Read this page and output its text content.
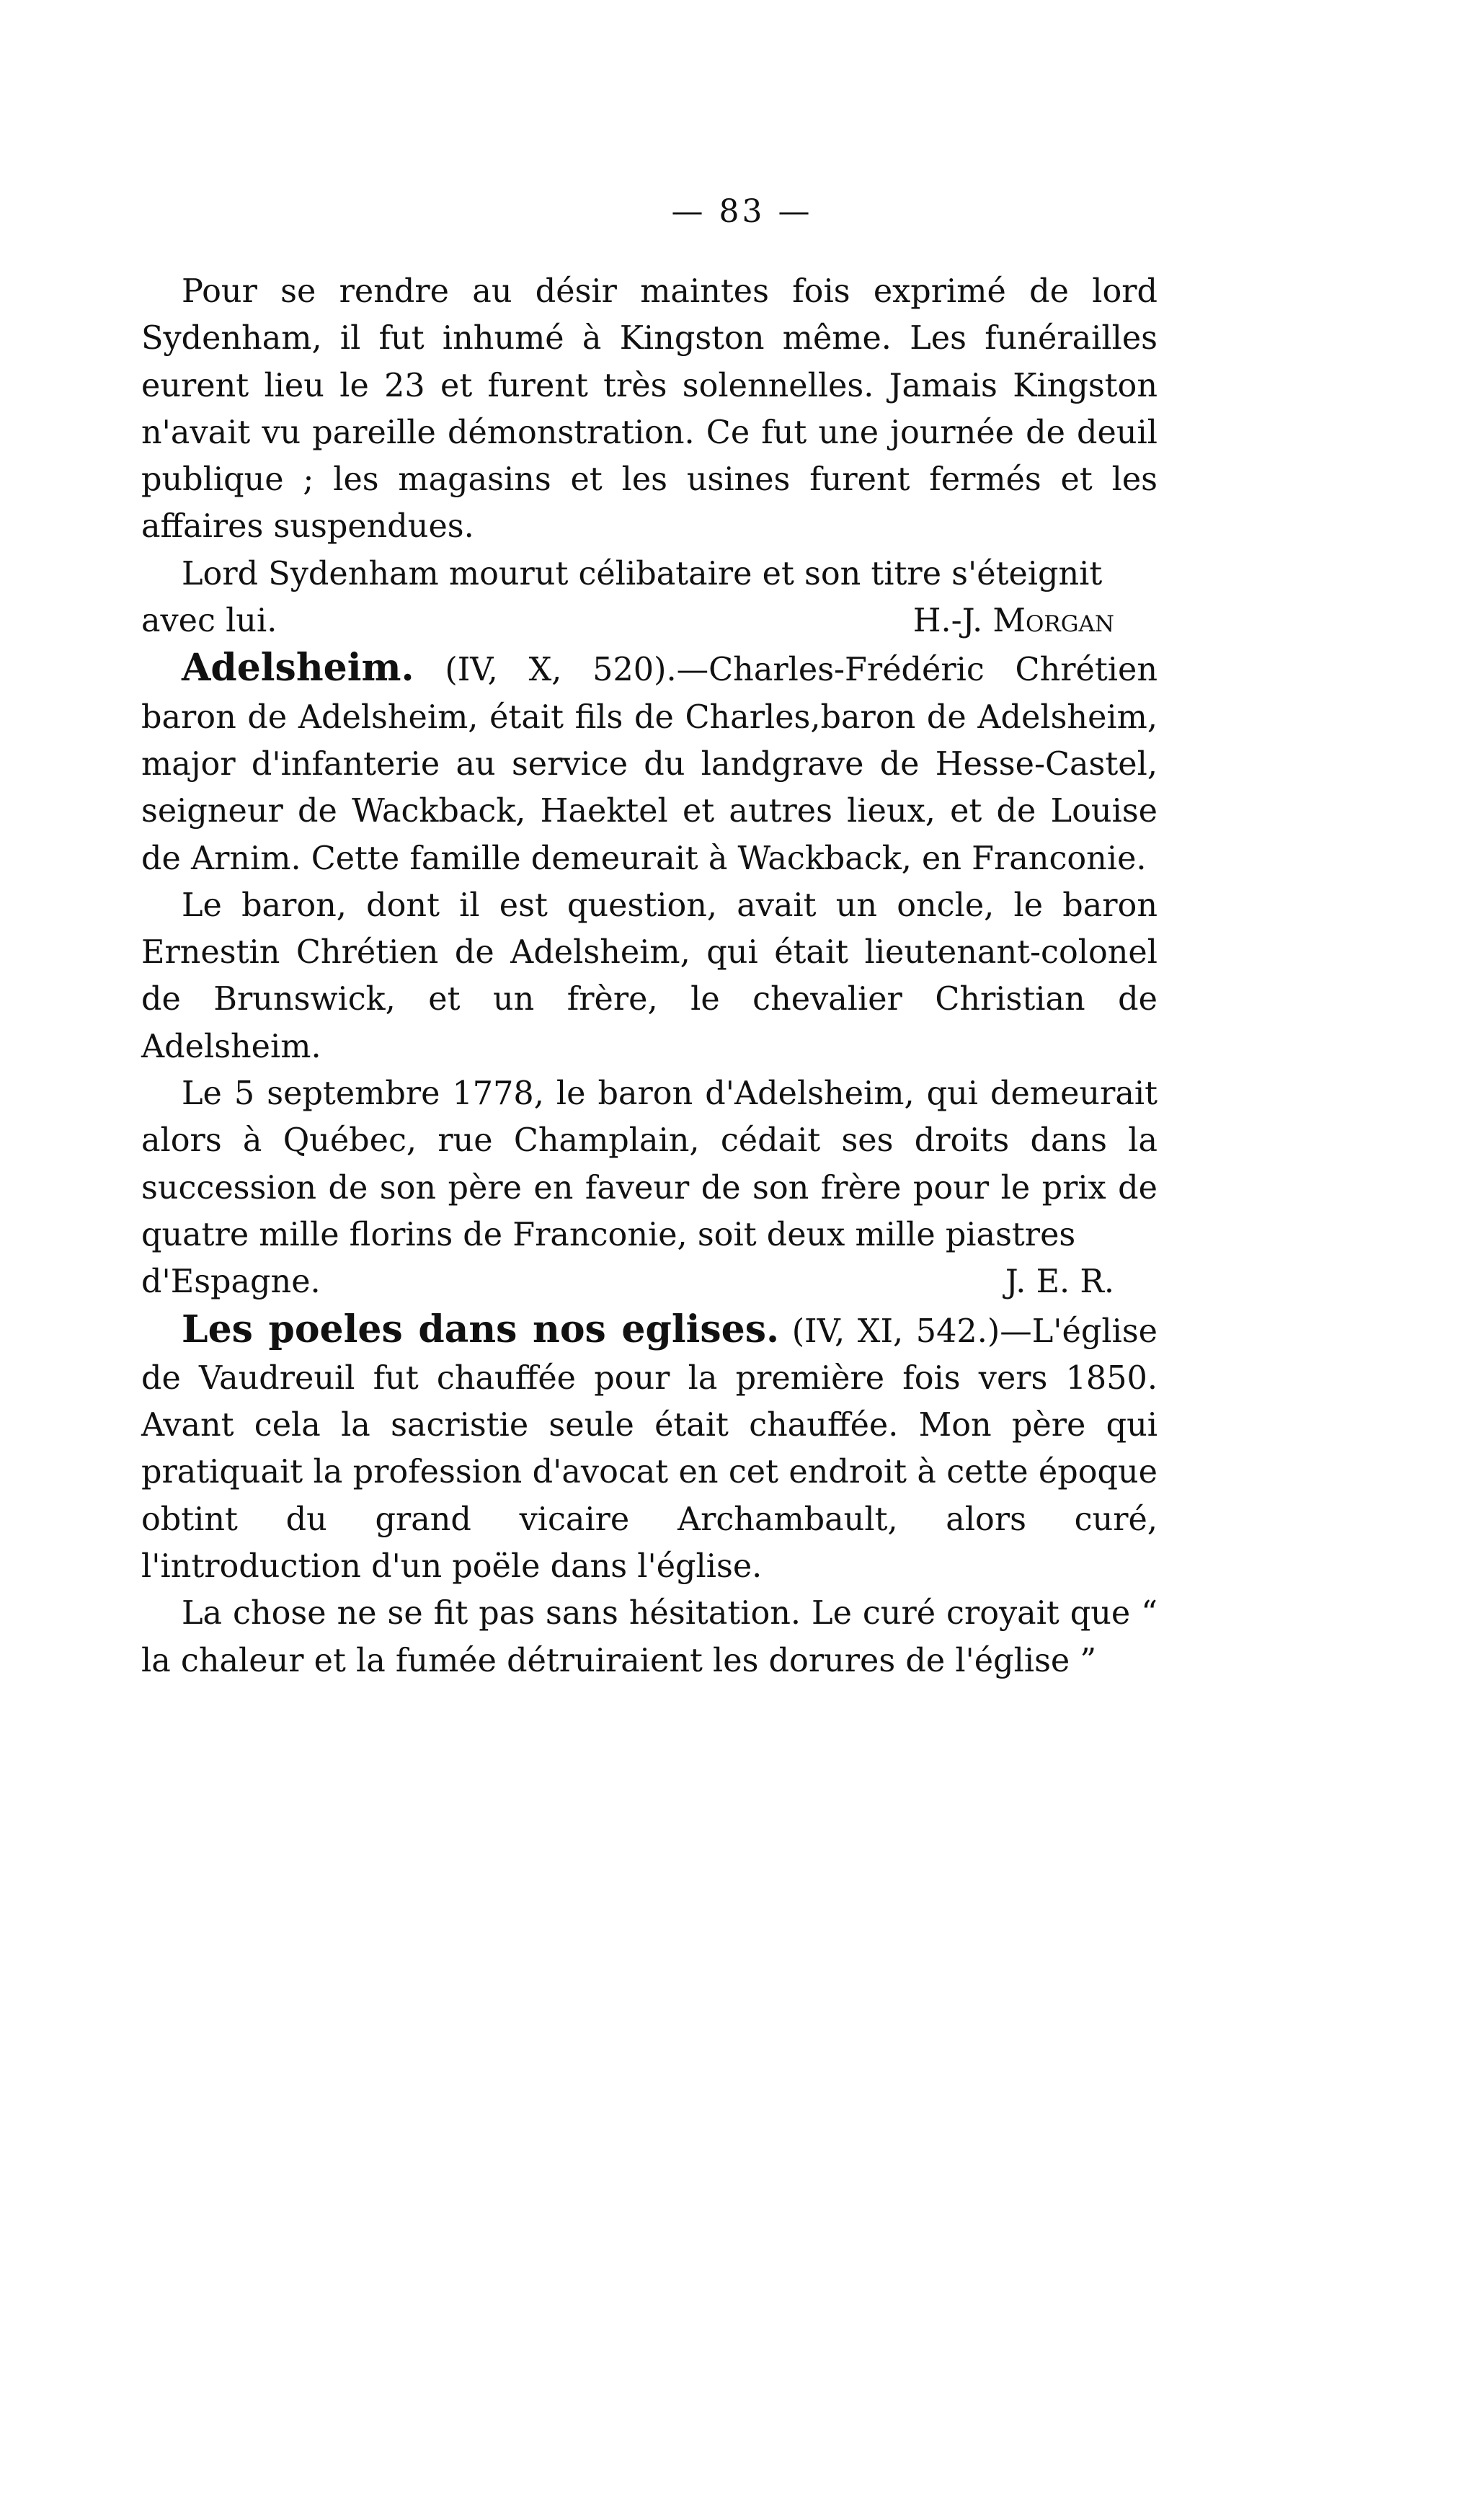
— 83 —

Pour se rendre au désir maintes fois exprimé de lord Sydenham, il fut inhumé à Kingston même. Les funérailles eurent lieu le 23 et furent très solennelles. Jamais Kingston n'avait vu pareille démonstration. Ce fut une journée de deuil publique ; les magasins et les usines furent fermés et les affaires suspendues.

Lord Sydenham mourut célibataire et son titre s'éteignit

avec lui.	H.-J. Morgan

Adelsheim. (IV, X, 520).—Charles-Frédéric Chrétien baron de Adelsheim, était fils de Charles,baron de Adelsheim, major d'infanterie au service du landgrave de Hesse-Castel, seigneur de Wackback, Haektel et autres lieux, et de Louise de Arnim. Cette famille demeurait à Wackback, en Franconie.

Le baron, dont il est question, avait un oncle, le baron Ernestin Chrétien de Adelsheim, qui était lieutenant-colonel de Brunswick, et un frère, le chevalier Christian de Adelsheim.

Le 5 septembre 1778, le baron d'Adelsheim, qui demeurait alors à Québec, rue Champlain, cédait ses droits dans la succession de son père en faveur de son frère pour le prix de quatre mille florins de Franconie, soit deux mille piastres

d'Espagne.	J. E. R.

Les poeles dans nos eglises. (IV, XI, 542.)—L'église de Vaudreuil fut chauffée pour la première fois vers 1850. Avant cela la sacristie seule était chauffée. Mon père qui pratiquait la profession d'avocat en cet endroit à cette époque obtint du grand vicaire Archambault, alors curé, l'introduction d'un poële dans l'église.

La chose ne se fit pas sans hésitation. Le curé croyait que “ la chaleur et la fumée détruiraient les dorures de l'église ”
